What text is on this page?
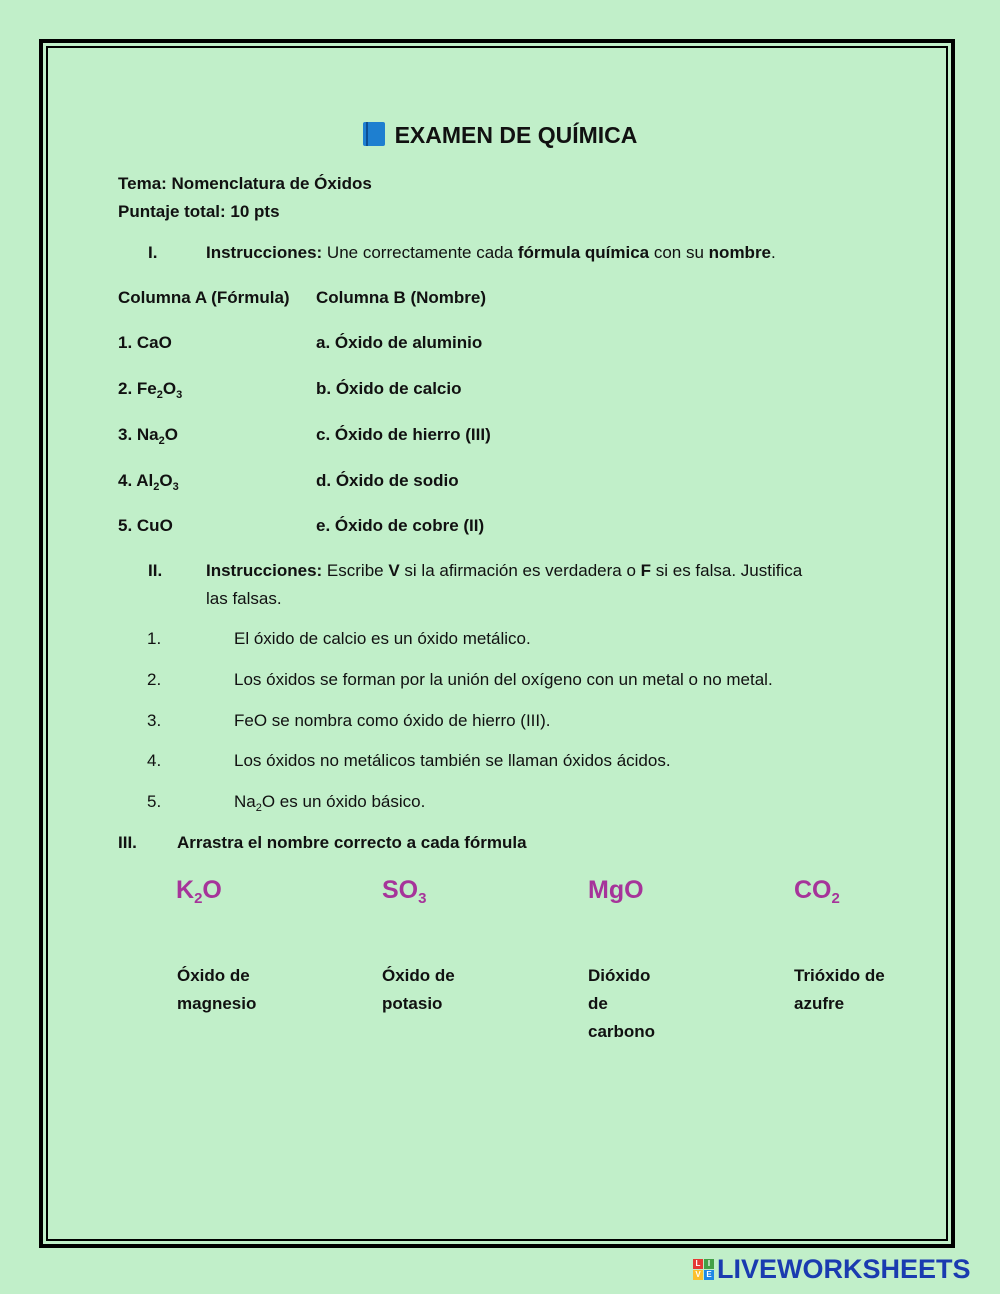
EXAMEN DE QUÍMICA
Tema: Nomenclatura de Óxidos
Puntaje total: 10 pts
I.	Instrucciones: Une correctamente cada fórmula química con su nombre.
Columna A (Fórmula) Columna B (Nombre)
1. CaO	a. Óxido de aluminio
2. $Fe_2O_3$	b. Óxido de calcio
3. $Na_2O$	c. Óxido de hierro (III)
4. $Al_2O_3$	d. Óxido de sodio
5. CuO	e. Óxido de cobre (II)
II.	Instrucciones: Escribe V si la afirmación es verdadera o F si es falsa. Justifica
las falsas.
1.	El óxido de calcio es un óxido metálico.
2.	Los óxidos se forman por la unión del oxígeno con un metal o no metal.
3.	FeO se nombra como óxido de hierro (III).
4.	Los óxidos no metálicos también se llaman óxidos ácidos.
5.	$Na_2O$ es un óxido básico.
III. Arrastra el nombre correcto a cada fórmula
$K_2O$	$SO_3$	MgO	$CO_2$
Óxido de magnesio
Óxido de potasio
Dióxido de carbono
Trióxido de azufre
L I
V E LIVEWORKSHEETS
